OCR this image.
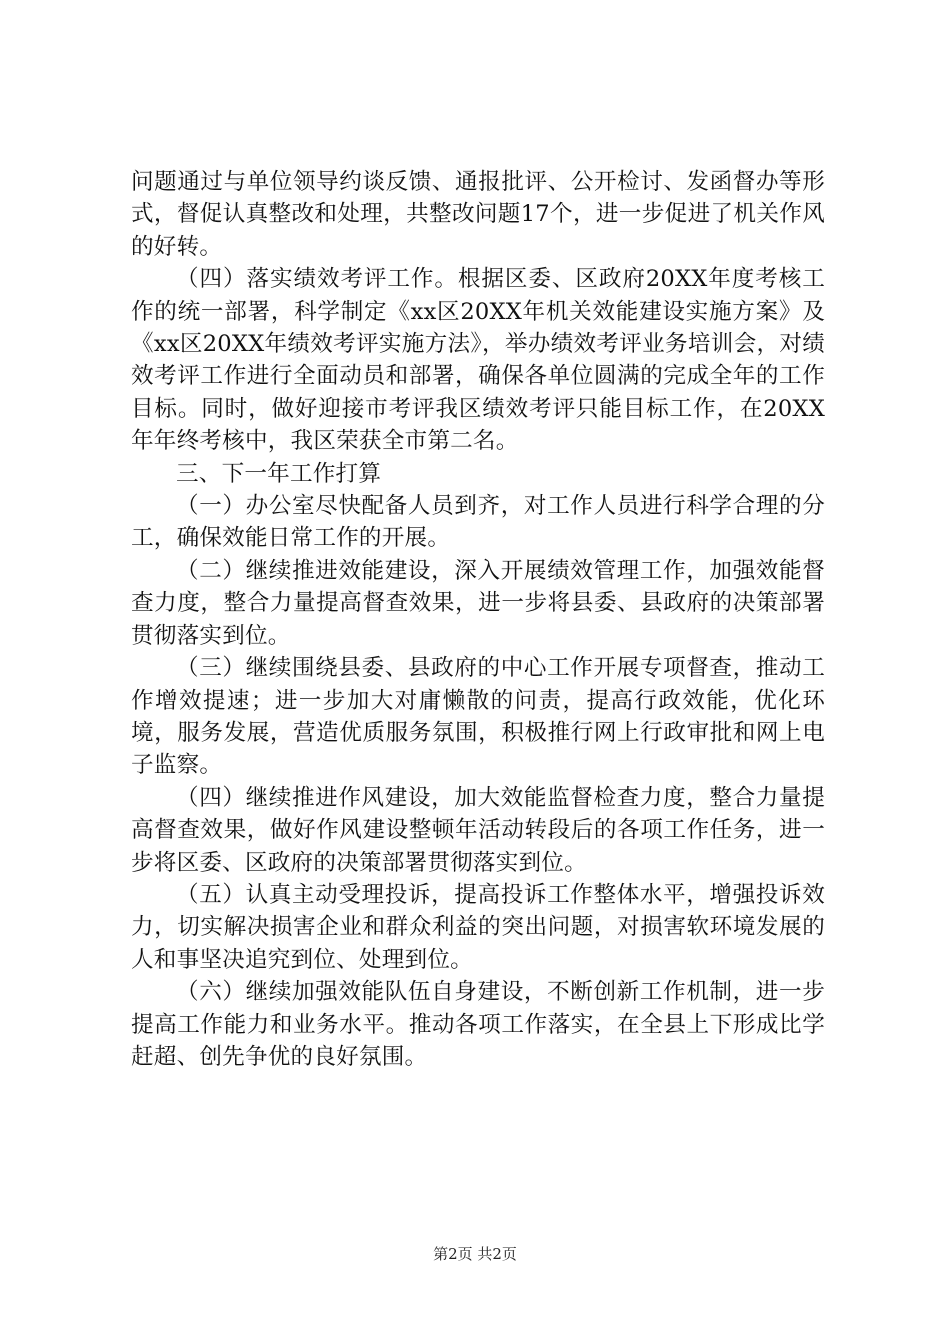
问题通过与单位领导约谈反馈、通报批评、公开检讨、发函督办等形式，督促认真整改和处理，共整改问题17个，进一步促进了机关作风的好转。

（四）落实绩效考评工作。根据区委、区政府20XX年度考核工作的统一部署，科学制定《xx区20XX年机关效能建设实施方案》及《xx区20XX年绩效考评实施方法》，举办绩效考评业务培训会，对绩效考评工作进行全面动员和部署，确保各单位圆满的完成全年的工作目标。同时，做好迎接市考评我区绩效考评只能目标工作，在20XX年年终考核中，我区荣获全市第二名。

三、下一年工作打算

（一）办公室尽快配备人员到齐，对工作人员进行科学合理的分工，确保效能日常工作的开展。

（二）继续推进效能建设，深入开展绩效管理工作，加强效能督查力度，整合力量提高督查效果，进一步将县委、县政府的决策部署贯彻落实到位。

（三）继续围绕县委、县政府的中心工作开展专项督查，推动工作增效提速；进一步加大对庸懒散的问责，提高行政效能，优化环境，服务发展，营造优质服务氛围，积极推行网上行政审批和网上电子监察。

（四）继续推进作风建设，加大效能监督检查力度，整合力量提高督查效果，做好作风建设整顿年活动转段后的各项工作任务，进一步将区委、区政府的决策部署贯彻落实到位。

（五）认真主动受理投诉，提高投诉工作整体水平，增强投诉效力，切实解决损害企业和群众利益的突出问题，对损害软环境发展的人和事坚决追究到位、处理到位。

（六）继续加强效能队伍自身建设，不断创新工作机制，进一步提高工作能力和业务水平。推动各项工作落实，在全县上下形成比学赶超、创先争优的良好氛围。

第2页 共2页
